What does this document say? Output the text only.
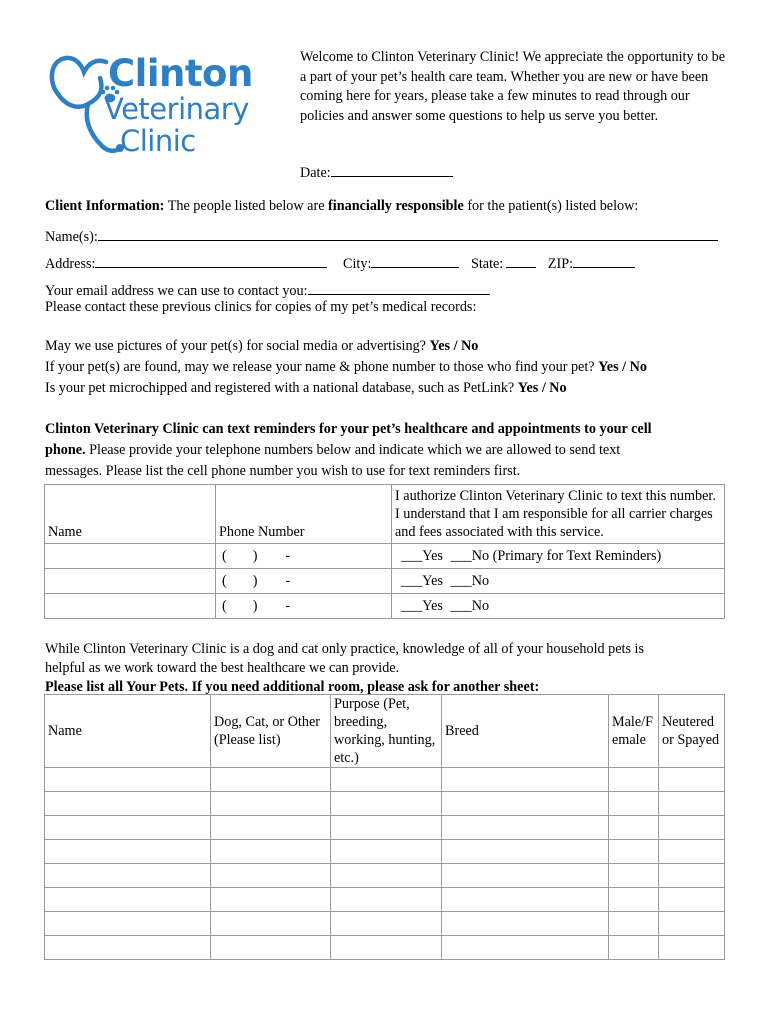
Clinton
Veterinary
Clinic
Welcome to Clinton Veterinary Clinic! We appreciate the opportunity to be a part of your pet’s health care team. Whether you are new or have been coming here for years, please take a few minutes to read through our policies and answer some questions to help us serve you better.
Date:
Client Information: The people listed below are financially responsible for the patient(s) listed below:
Name(s):
Address:	City:	State:	ZIP:
Your email address we can use to contact you:
Please contact these previous clinics for copies of my pet’s medical records:
May we use pictures of your pet(s) for social media or advertising? Yes / No
If your pet(s) are found, may we release your name & phone number to those who find your pet? Yes / No
Is your pet microchipped and registered with a national database, such as PetLink? Yes / No
Clinton Veterinary Clinic can text reminders for your pet’s healthcare and appointments to your cell
phone. Please provide your telephone numbers below and indicate which we are allowed to send text
messages. Please list the cell phone number you wish to use for text reminders first.
Name	Phone Number	I authorize Clinton Veterinary Clinic to text this number. I understand that I am responsible for all carrier charges and fees associated with this service.
	( ) -	___Yes ___No (Primary for Text Reminders)
	( ) -	___Yes ___No
	( ) -	___Yes ___No
While Clinton Veterinary Clinic is a dog and cat only practice, knowledge of all of your household pets is
helpful as we work toward the best healthcare we can provide.
Please list all Your Pets. If you need additional room, please ask for another sheet:
Name	Dog, Cat, or Other (Please list)	Purpose (Pet, breeding, working, hunting, etc.)	Breed	Male/Female	Neutered or Spayed
